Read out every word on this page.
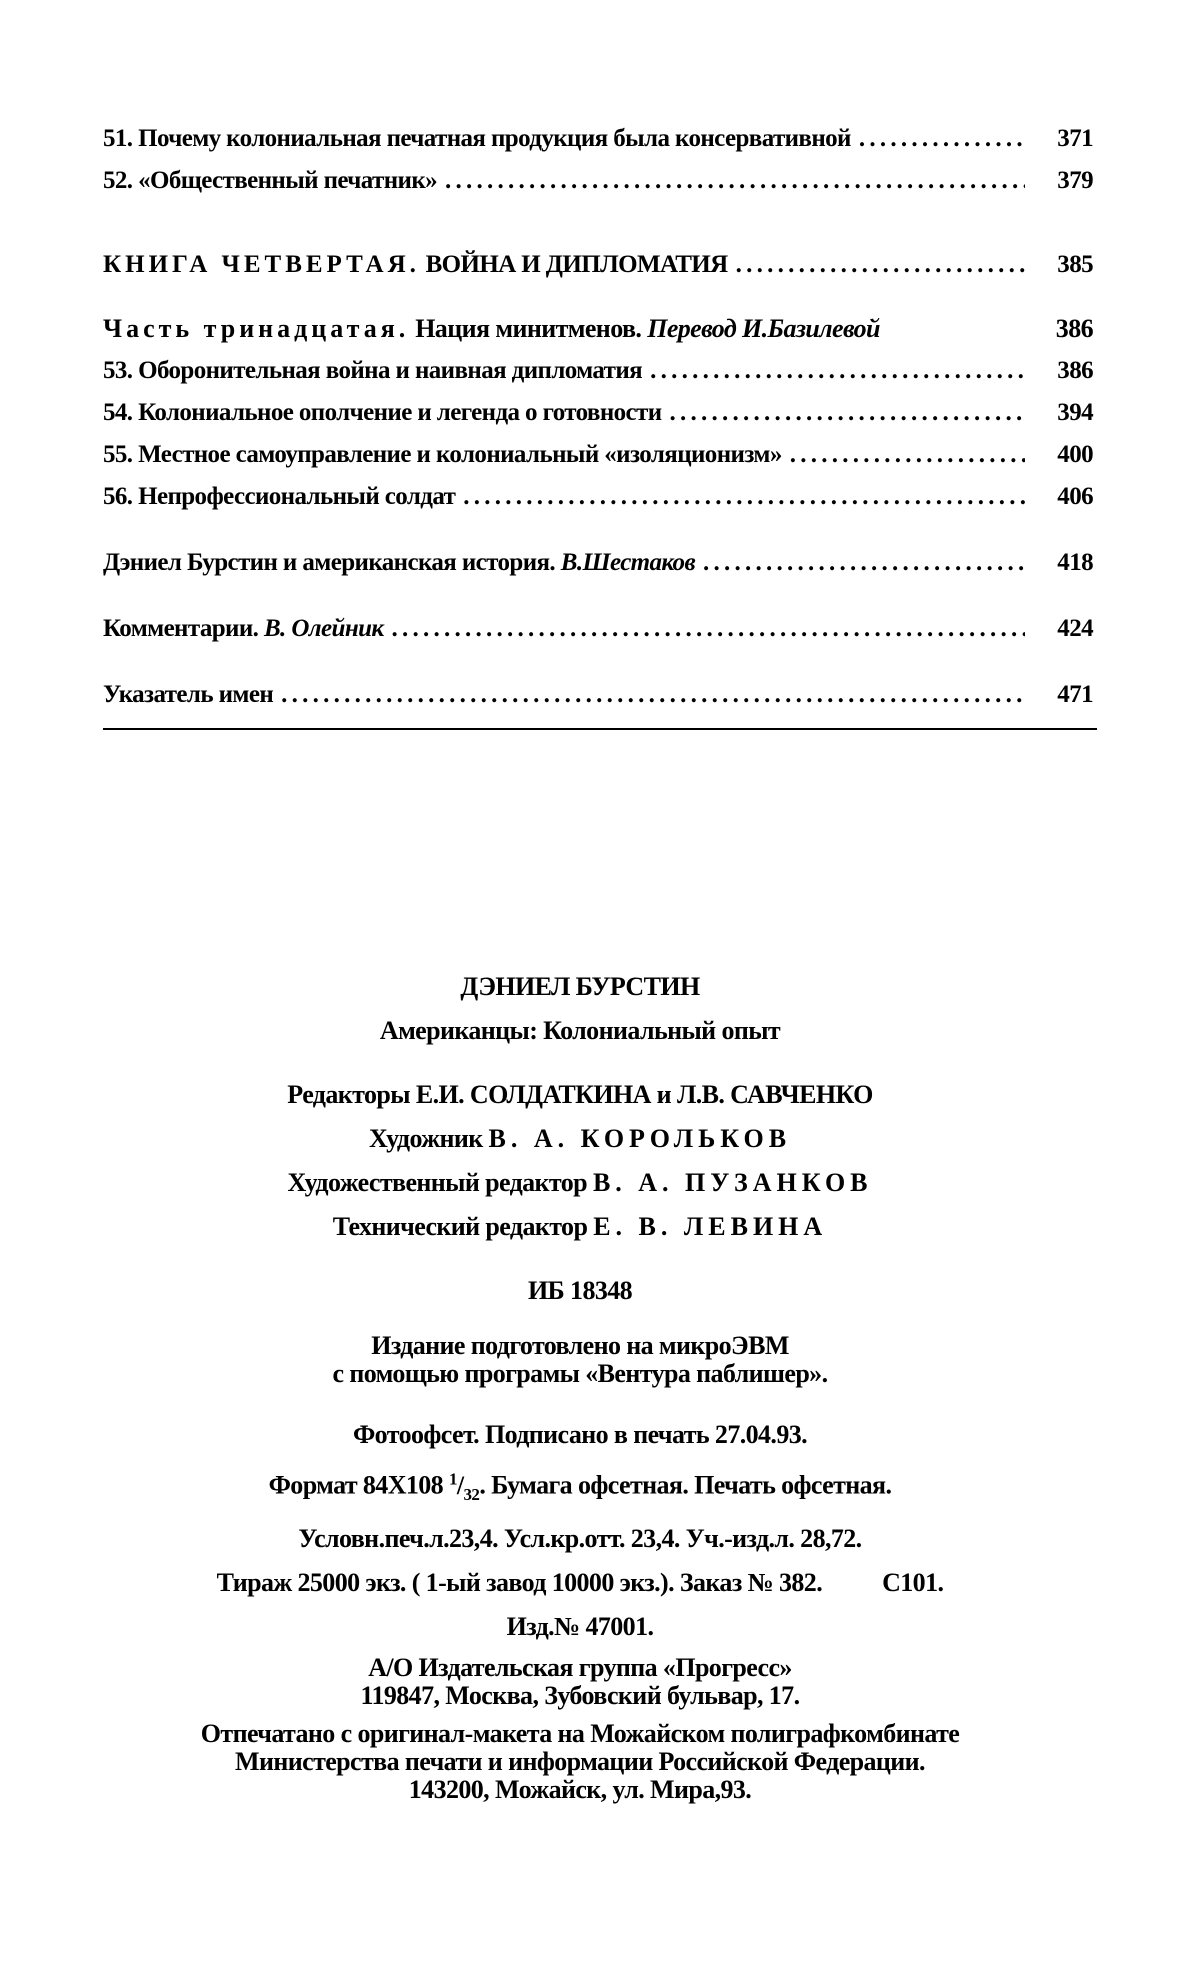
51. Почему колониальная печатная продукция была консервативной . . .	371
52. «Общественный печатник» . . .	379
КНИГА ЧЕТВЕРТАЯ. ВОЙНА И ДИПЛОМАТИЯ . . .	385
Часть тринадцатая. Нация минитменов. Перевод И.Базилевой	386
53. Оборонительная война и наивная дипломатия . . .	386
54. Колониальное ополчение и легенда о готовности . . .	394
55. Местное самоуправление и колониальный «изоляционизм» . . .	400
56. Непрофессиональный солдат . . .	406
Дэниел Бурстин и американская история. В.Шестаков . . .	418
Комментарии. В. Олейник . . .	424
Указатель имен . . .	471

ДЭНИЕЛ БУРСТИН

Американцы: Колониальный опыт

Редакторы Е.И. СОЛДАТКИНА и Л.В. САВЧЕНКО

Художник В. А. КОРОЛЬКОВ

Художественный редактор В. А. ПУЗАНКОВ

Технический редактор Е. В. ЛЕВИНА

ИБ 18348

Издание подготовлено на микроЭВМ

с помощью програмы «Вентура паблишер».

Фотоофсет. Подписано в печать 27.04.93.

Формат 84Х108 $^1/_{32}$. Бумага офсетная. Печать офсетная.

Условн.печ.л.23,4. Усл.кр.отт. 23,4. Уч.-изд.л. 28,72.

Тираж 25000 экз. ( 1-ый завод 10000 экз.). Заказ № 382. С101.

Изд.№ 47001.

А/О Издательская группа «Прогресс»

119847, Москва, Зубовский бульвар, 17.

Отпечатано с оригинал-макета на Можайском полиграфкомбинате

Министерства печати и информации Российской Федерации.

143200, Можайск, ул. Мира,93.
